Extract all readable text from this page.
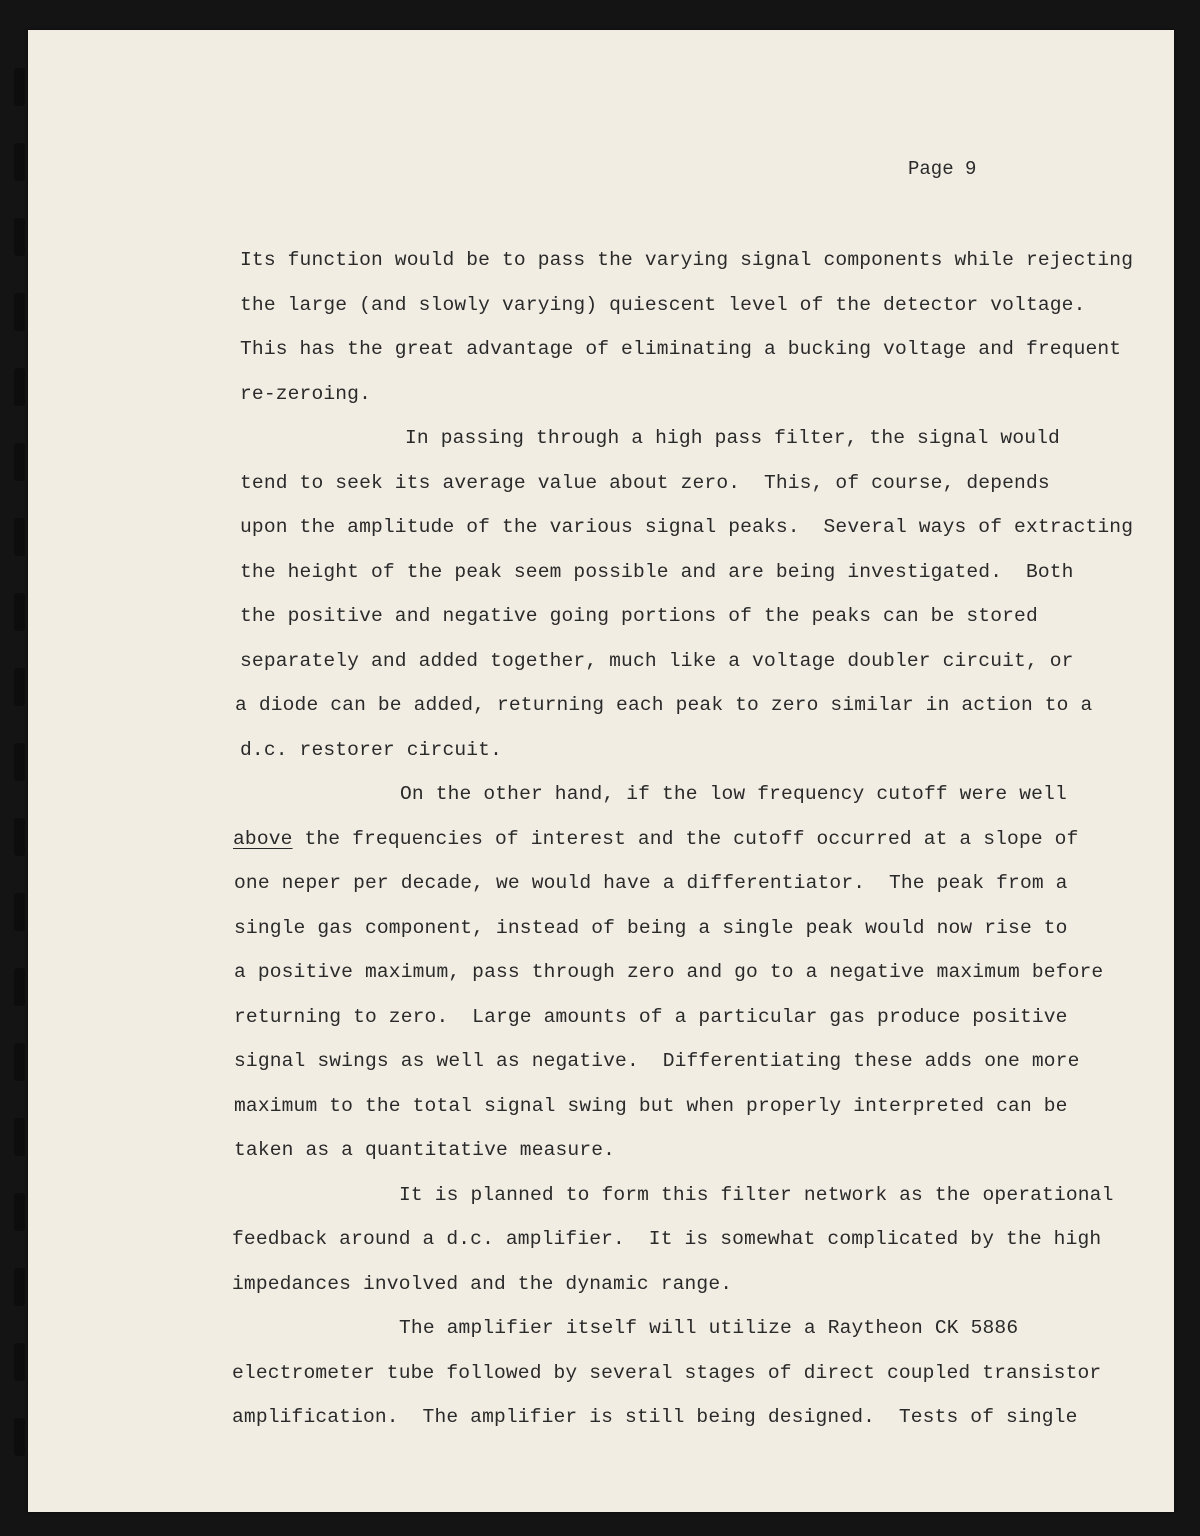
Page 9
Its function would be to pass the varying signal components while rejecting
the large (and slowly varying) quiescent level of the detector voltage.
This has the great advantage of eliminating a bucking voltage and frequent
re-zeroing.
In passing through a high pass filter, the signal would
tend to seek its average value about zero.  This, of course, depends
upon the amplitude of the various signal peaks.  Several ways of extracting
the height of the peak seem possible and are being investigated.  Both
the positive and negative going portions of the peaks can be stored
separately and added together, much like a voltage doubler circuit, or
a diode can be added, returning each peak to zero similar in action to a
d.c. restorer circuit.
On the other hand, if the low frequency cutoff were well
above the frequencies of interest and the cutoff occurred at a slope of
one neper per decade, we would have a differentiator.  The peak from a
single gas component, instead of being a single peak would now rise to
a positive maximum, pass through zero and go to a negative maximum before
returning to zero.  Large amounts of a particular gas produce positive
signal swings as well as negative.  Differentiating these adds one more
maximum to the total signal swing but when properly interpreted can be
taken as a quantitative measure.
It is planned to form this filter network as the operational
feedback around a d.c. amplifier.  It is somewhat complicated by the high
impedances involved and the dynamic range.
The amplifier itself will utilize a Raytheon CK 5886
electrometer tube followed by several stages of direct coupled transistor
amplification.  The amplifier is still being designed.  Tests of single
